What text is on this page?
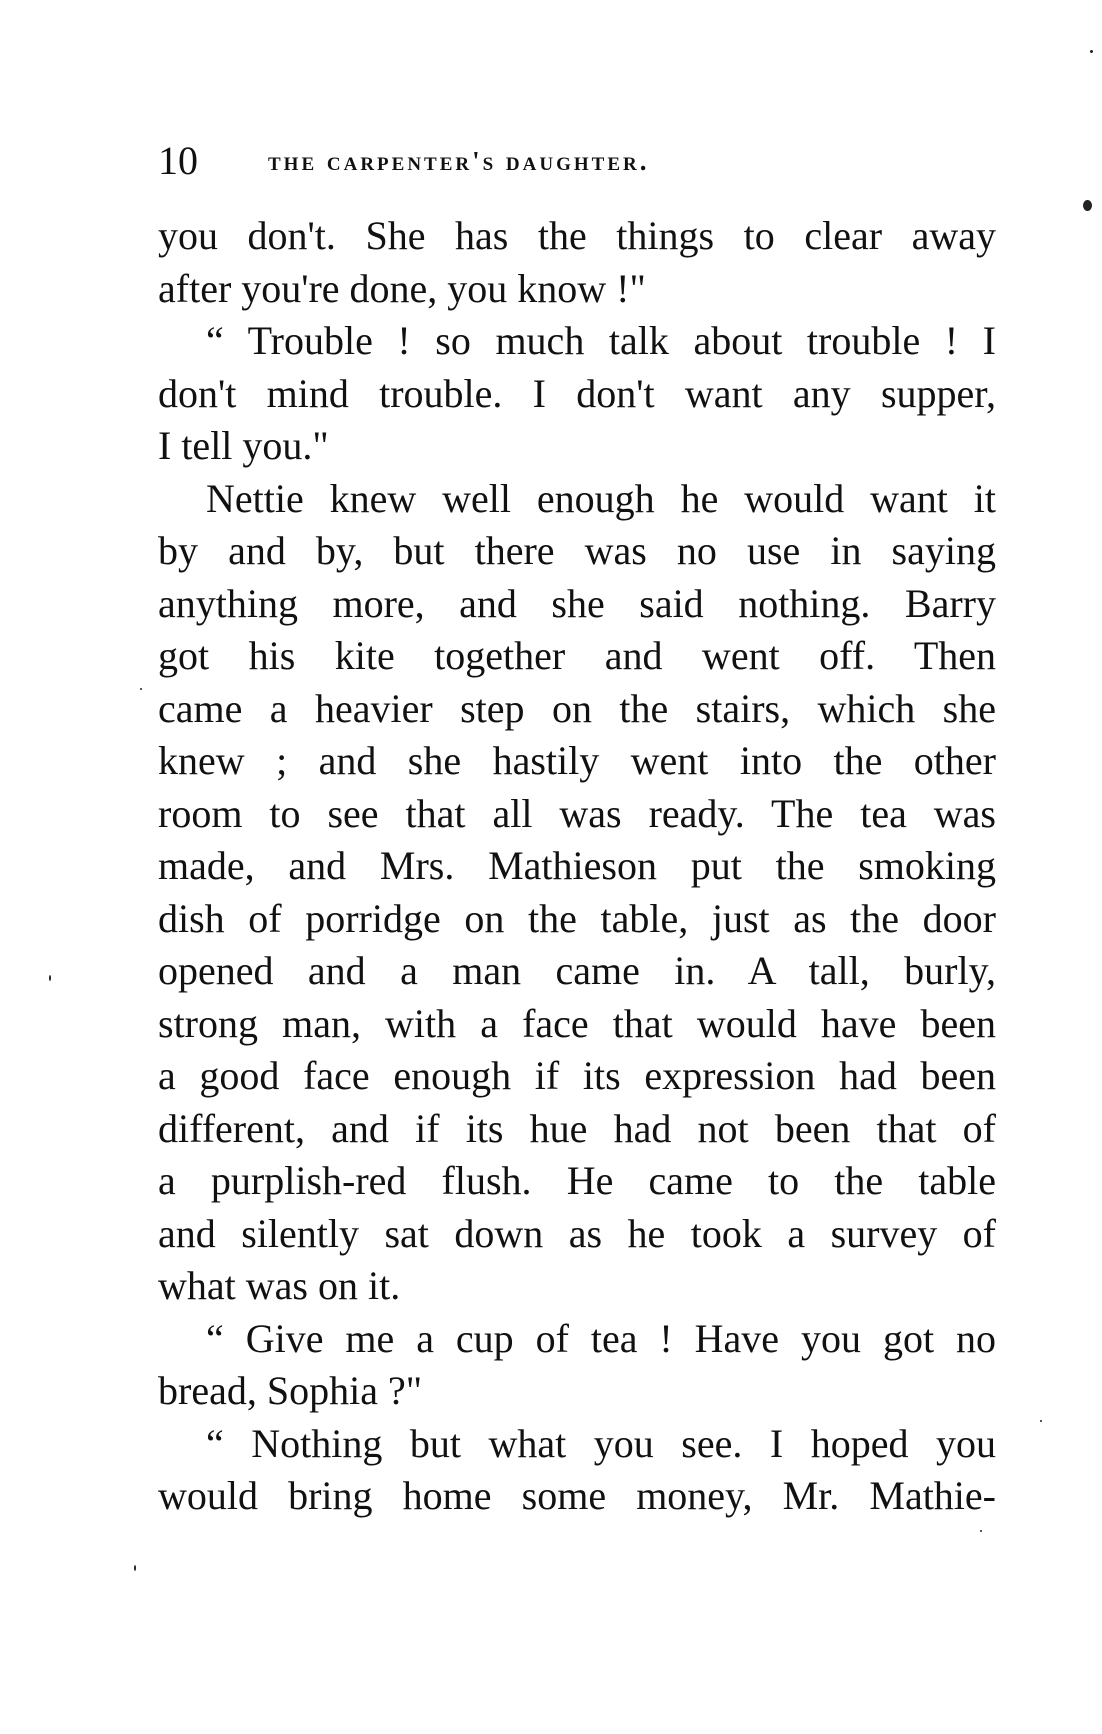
10	the carpenter's daughter.
you don't. She has the things to clear away
after you're done, you know !"
“ Trouble ! so much talk about trouble ! I
don't mind trouble. I don't want any supper,
I tell you."
Nettie knew well enough he would want it
by and by, but there was no use in saying
anything more, and she said nothing. Barry
got his kite together and went off. Then
came a heavier step on the stairs, which she
knew ; and she hastily went into the other
room to see that all was ready. The tea was
made, and Mrs. Mathieson put the smoking
dish of porridge on the table, just as the door
opened and a man came in. A tall, burly,
strong man, with a face that would have been
a good face enough if its expression had been
different, and if its hue had not been that of
a purplish-red flush. He came to the table
and silently sat down as he took a survey of
what was on it.
“ Give me a cup of tea ! Have you got no
bread, Sophia ?"
“ Nothing but what you see. I hoped you
would bring home some money, Mr. Mathie-
